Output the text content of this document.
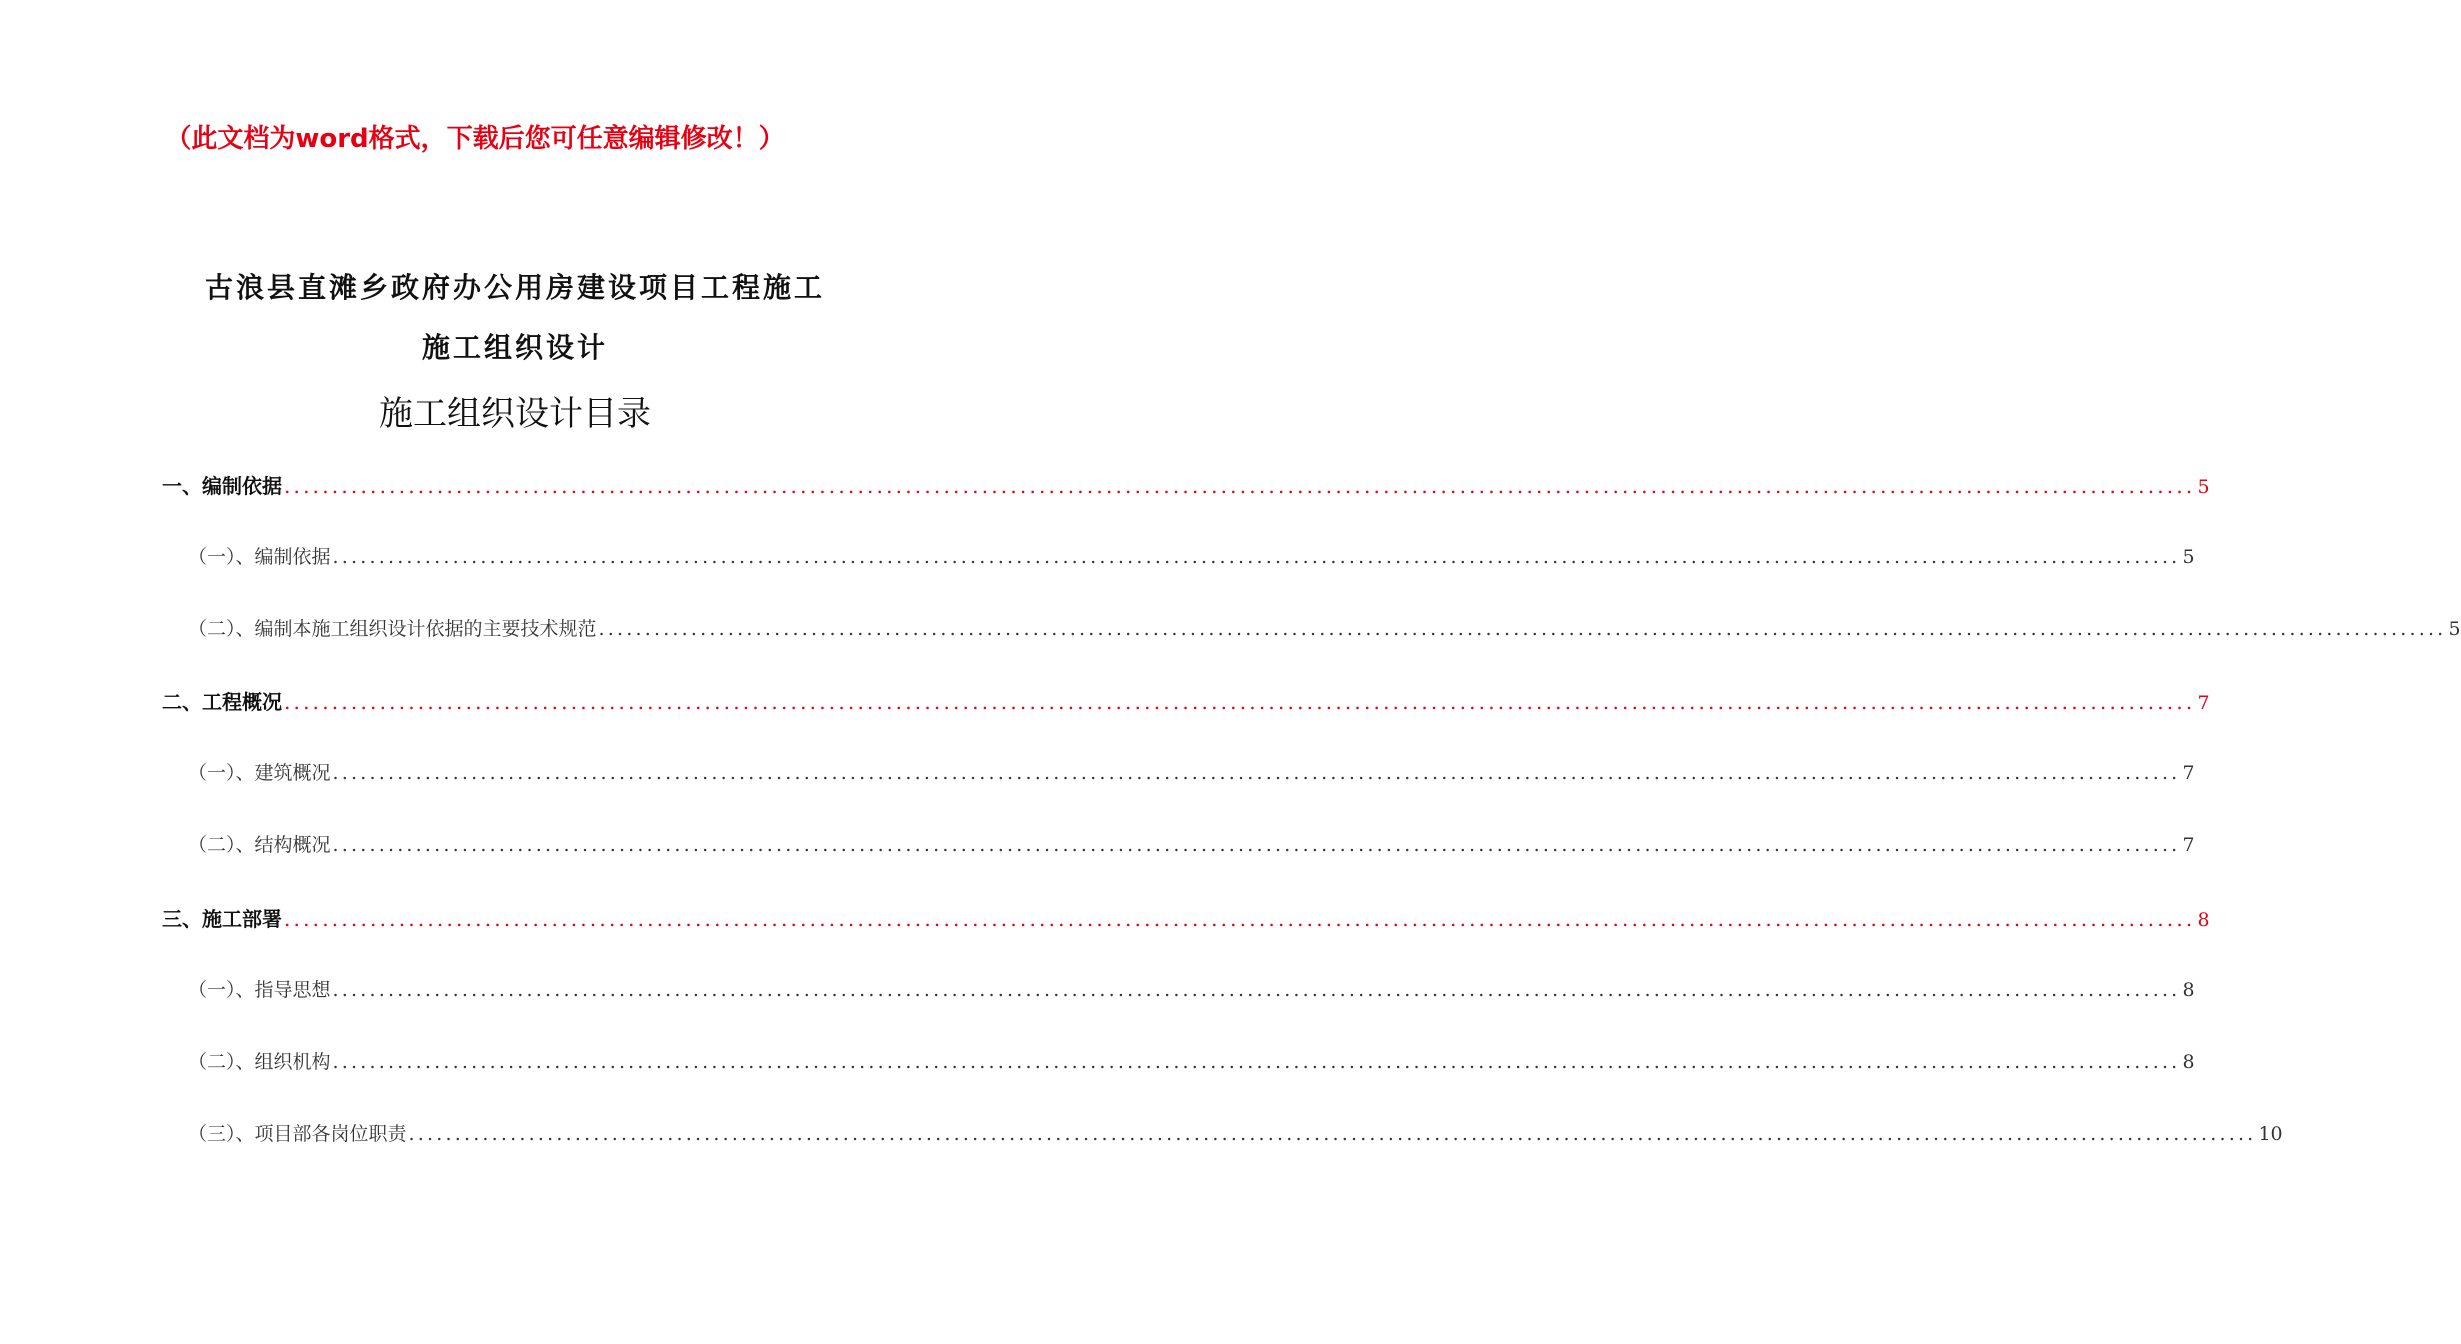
（此文档为word格式，下载后您可任意编辑修改！）
古浪县直滩乡政府办公用房建设项目工程施工
施工组织设计
施工组织设计目录
一、 编制依据 ........................................................................................................................................................................................................ 5
（一）、编制依据 ........................................................................................................................................................................................................ 5
（二）、编制本施工组织设计依据的主要技术规范 ........................................................................................................................................................................................................ 5
二、 工程概况 ........................................................................................................................................................................................................ 7
（一）、建筑概况 ........................................................................................................................................................................................................ 7
（二）、结构概况 ........................................................................................................................................................................................................ 7
三、 施工部署 ........................................................................................................................................................................................................ 8
（一）、指导思想 ........................................................................................................................................................................................................ 8
（二）、组织机构 ........................................................................................................................................................................................................ 8
（三）、项目部各岗位职责 ........................................................................................................................................................................................................ 10
